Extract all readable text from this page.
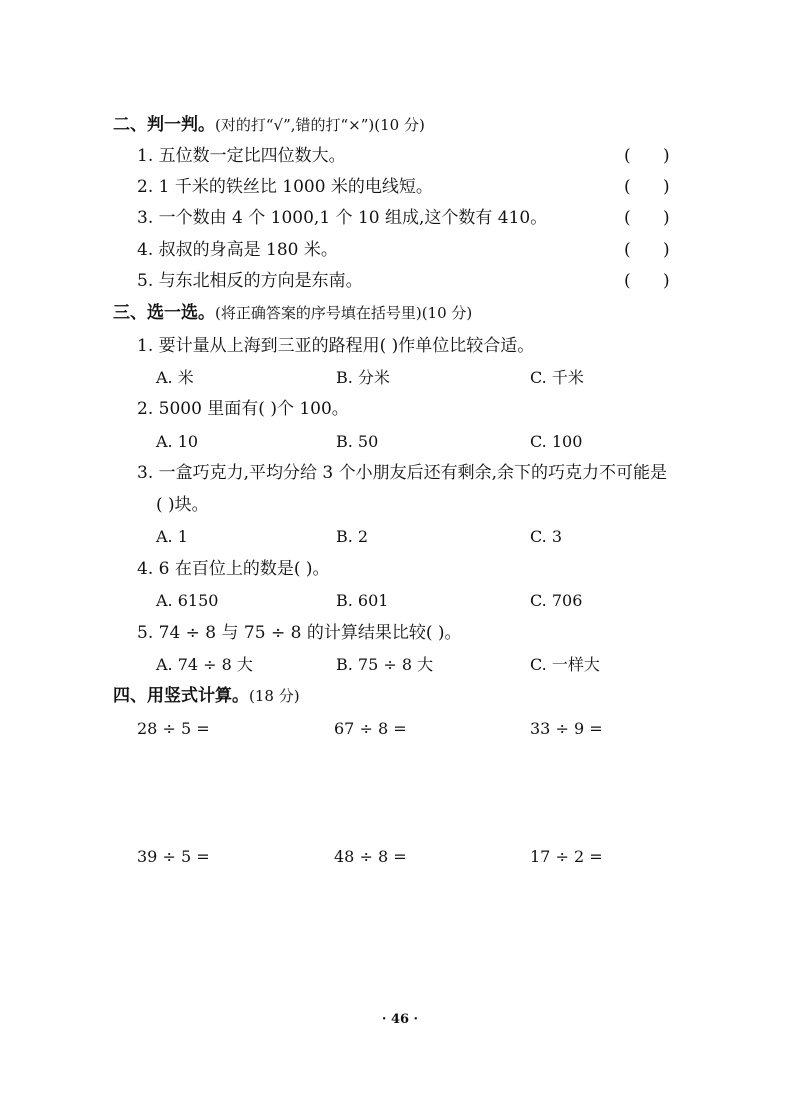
二、判一判。(对的打“√”,错的打“×”)(10 分)
1. 五位数一定比四位数大。	(      )
2. 1 千米的铁丝比 1000 米的电线短。	(      )
3. 一个数由 4 个 1000,1 个 10 组成,这个数有 410。	(      )
4. 叔叔的身高是 180 米。	(      )
5. 与东北相反的方向是东南。	(      )
三、选一选。(将正确答案的序号填在括号里)(10 分)
1. 要计量从上海到三亚的路程用( )作单位比较合适。
A. 米	B. 分米	C. 千米
2. 5000 里面有( )个 100。
A. 10	B. 50	C. 100
3. 一盒巧克力,平均分给 3 个小朋友后还有剩余,余下的巧克力不可能是
( )块。
A. 1	B. 2	C. 3
4. 6 在百位上的数是( )。
A. 6150	B. 601	C. 706
5. 74 ÷ 8 与 75 ÷ 8 的计算结果比较( )。
A. 74 ÷ 8 大	B. 75 ÷ 8 大	C. 一样大
四、用竖式计算。(18 分)
28 ÷ 5 =	67 ÷ 8 =	33 ÷ 9 =
39 ÷ 5 =	48 ÷ 8 =	17 ÷ 2 =
· 46 ·
